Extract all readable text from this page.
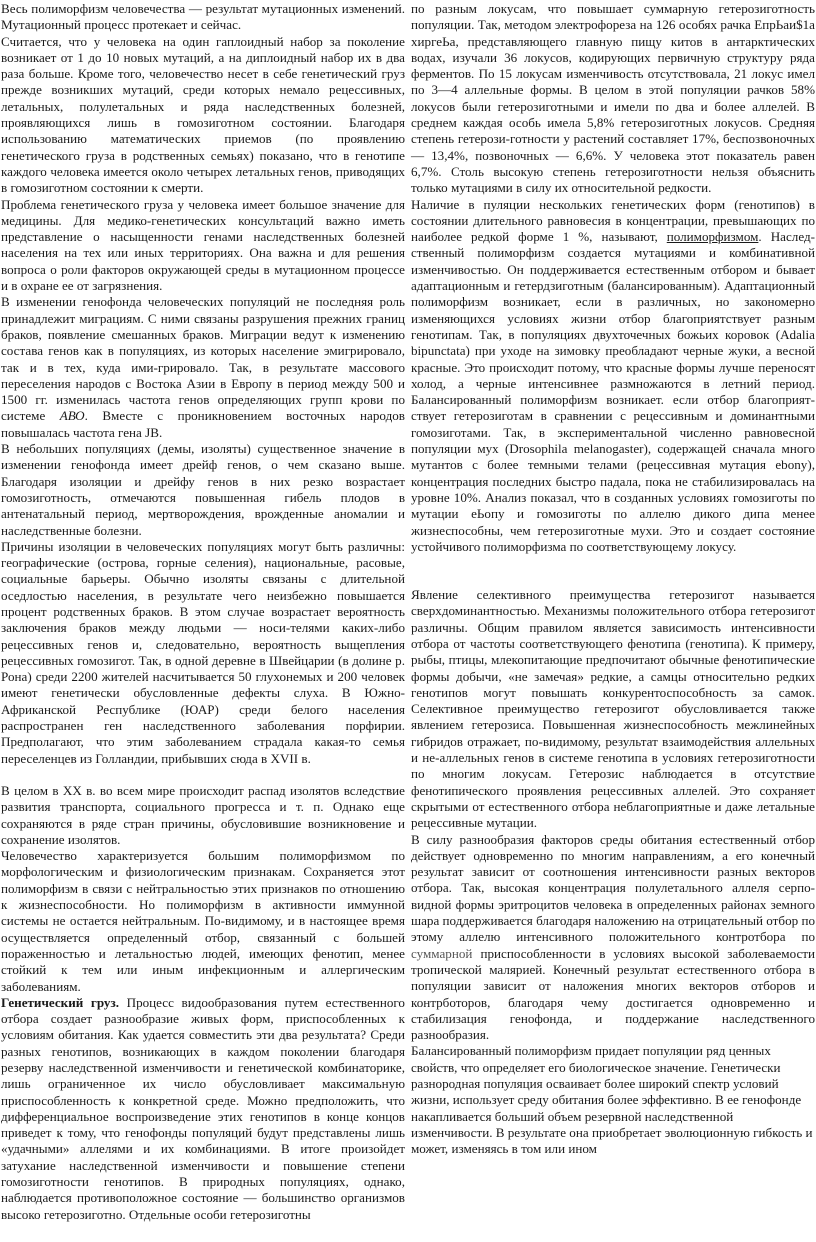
Весь полиморфизм человечества — результат мутационных изменений. Мутационный процесс протекает и сейчас.

Считается, что у человека на один гаплоидный набор за поколение возникает от 1 до 10 новых мутаций, а на диплоидный набор их в два раза больше. Кроме того, человечество несет в себе генетический груз прежде возникших мутаций, среди которых немало рецессивных, летальных, полулетальных и ряда наследственных болезней, проявляющихся лишь в гомозиготном состоянии. Благодаря использованию математических приемов (по проявлению генетического груза в родственных семьях) показано, что в генотипе каждого человека имеется около четырех летальных генов, приводящих в гомозиготном состоянии к смерти.

Проблема генетического груза у человека имеет большое значение для медицины. Для медико-генетических консультаций важно иметь представление о насыщенности генами наследственных болезней населения на тех или иных территориях. Она важна и для решения вопроса о роли факторов окружающей среды в мутационном процессе и в охране ее от загрязнения.

В изменении генофонда человеческих популяций не последняя роль принадлежит миграциям. С ними связаны разрушения прежних границ браков, появление смешанных браков. Миграции ведут к изменению состава генов как в популяциях, из которых население эмигрировало, так и в тех, куда ими-грировало. Так, в результате массового переселения народов с Востока Азии в Европу в период между 500 и 1500 гг. изменилась частота генов определяющих групп крови по системе АВО. Вместе с проникновением восточных народов повышалась частота гена JB.

В небольших популяциях (демы, изоляты) существенное значение в изменении генофонда имеет дрейф генов, о чем сказано выше. Благодаря изоляции и дрейфу генов в них резко возрастает гомозиготность, отмечаются повышенная гибель плодов в антенатальный период, мертворождения, врожденные аномалии и наследственные болезни.

Причины изоляции в человеческих популяциях могут быть различны: географические (острова, горные селения), национальные, расовые, социальные барьеры. Обычно изоляты связаны с длительной оседлостью населения, в результате чего неизбежно повышается процент родственных браков. В этом случае возрастает вероятность заключения браков между людьми — носи-телями каких-либо рецессивных генов и, следовательно, вероятность выщепления рецессивных гомозигот. Так, в одной деревне в Швейцарии (в долине р. Рона) среди 2200 жителей насчитывается 50 глухонемых и 200 человек имеют генетически обусловленные дефекты слуха. В Южно-Африканской Республике (ЮАР) среди белого населения распространен ген наследственного заболевания порфирии. Предполагают, что этим заболеванием страдала какая-то семья переселенцев из Голландии, прибывших сюда в XVII в.

В целом в XX в. во всем мире происходит распад изолятов вследствие развития транспорта, социального прогресса и т. п. Однако еще сохраняются в ряде стран причины, обусловившие возникновение и сохранение изолятов.

Человечество характеризуется большим полиморфизмом по морфологическим и физиологическим признакам. Сохраняется этот полиморфизм в связи с нейтральностью этих признаков по отношению к жизнеспособности. Но полиморфизм в активности иммунной системы не остается нейтральным. По-видимому, и в настоящее время осуществляется определенный отбор, связанный с большей пораженностью и летальностью людей, имеющих фенотип, менее стойкий к тем или иным инфекционным и аллергическим заболеваниям.

Генетический груз. Процесс видообразования путем естественного отбора создает разнообразие живых форм, приспособленных к условиям обитания. Как удается совместить эти два результата? Среди разных генотипов, возникающих в каждом поколении благодаря резерву наследственной изменчивости и генетической комбинаторике, лишь ограниченное их число обусловливает максимальную приспособленность к конкретной среде. Можно предположить, что дифференциальное воспроизведение этих генотипов в конце концов приведет к тому, что генофонды популяций будут представлены лишь «удачными» аллелями и их комбинациями. В итоге произойдет затухание наследственной изменчивости и повышение степени гомозиготности генотипов. В природных популяциях, однако, наблюдается противоположное состояние — большинство организмов высоко гетерозиготно. Отдельные особи гетерозиготны

по разным локусам, что повышает суммарную гетерозиготность популяции. Так, методом электрофореза на 126 особях рачка ЕпрЬаи$1а хиргеЬа, представляющего главную пищу китов в антарктических водах, изучали 36 локусов, кодирующих первичную структуру ряда ферментов. По 15 локусам изменчивость отсутствовала, 21 локус имел по 3—4 аллельные формы. В целом в этой популяции рачков 58% локусов были гетерозиготными и имели по два и более аллелей. В среднем каждая особь имела 5,8% гетерозиготных локусов. Средняя степень гетерози-готности у растений составляет 17%, беспозвоночных— 13,4%, позвоночных — 6,6%. У человека этот показатель равен 6,7%. Столь высокую степень гетерозиготности нельзя объяснить только мутациями в силу их относительной редкости.

Наличие в пуляции нескольких генетических форм (генотипов) в состоянии длительного равновесия в концентрации, превышающих по наиболее редкой форме 1 %, называют, полиморфизмом. Наслед-ственный полиморфизм создается мутациями и комбинативной изменчивостью. Он поддерживается естественным отбором и бывает адаптационным и гетердзиготным (балансированным). Адаптационный полиморфизм возникает, если в различных, но закономерно изменяющихся условиях жизни отбор благоприятствует разным генотипам. Так, в популяциях двухточечных божьих коровок (Adalia bipunctata) при уходе на зимовку преобладают черные жуки, а весной красные. Это происходит потому, что красные формы лучше переносят холод, а черные интенсивнее размножаются в летний период. Балансированный полиморфизм возникает. если отбор благоприят-ствует гетерозиготам в сравнении с рецессивным и доминантными гомозиготами. Так, в экспериментальной численно равновесной популяции мух (Drosophila melanogaster), содержащей сначала много мутантов с более темными телами (рецессивная мутация ebony), концентрация последних быстро падала, пока не стабилизировалась на уровне 10%. Анализ показал, что в созданных условиях гомозиготы по мутации еЬопу и гомозиготы по аллелю дикого дипа менее жизнеспособны, чем гетерозиготные мухи. Это и создает состояние устойчивого полиморфизма по соответствующему локусу.

Явление селективного преимущества гетерозигот называется сверхдоминантностью. Механизмы положительного отбора гетерозигот различны. Общим правилом является зависимость интенсивности отбора от частоты соответствующего фенотипа (генотипа). К примеру, рыбы, птицы, млекопитающие предпочитают обычные фенотипические формы добычи, «не замечая» редкие, а самцы относительно редких генотипов могут повышать конкурентоспособность за самок. Селективное преимущество гетерозигот обусловливается также явлением гетерозиса. Повышенная жизнеспособность межлинейных гибридов отражает, по-видимому, результат взаимодействия аллельных и не-аллельных генов в системе генотипа в условиях гетерозиготности по многим локусам. Гетерозис наблюдается в отсутствие фенотипического проявления рецессивных аллелей. Это сохраняет скрытыми от естественного отбора неблагоприятные и даже летальные рецессивные мутации.

В силу разнообразия факторов среды обитания естественный отбор действует одновременно по многим направлениям, а его конечный результат зависит от соотношения интенсивности разных векторов отбора. Так, высокая концентрация полулетального аллеля серпо-видной формы эритроцитов человека в определенных районах земного шара поддерживается благодаря наложению на отрицательный отбор по этому аллелю интенсивного положительного контротбора по суммарной приспособленности в условиях высокой заболеваемости тропической малярией. Конечный результат естественного отбора в популяции зависит от наложения многих векторов отборов и контрботоров, благодаря чему достигается одновременно и стабилизация генофонда, и поддержание наследственного разнообразия.

Балансированный полиморфизм придает популяции ряд ценных свойств, что определяет его биологическое значение. Генетически разнородная популяция осваивает более широкий спектр условий жизни, использует среду обитания более эффективно. В ее генофонде накапливается больший объем резервной наследственной изменчивости. В результате она приобретает эволюционную гибкость и может, изменяясь в том или ином
